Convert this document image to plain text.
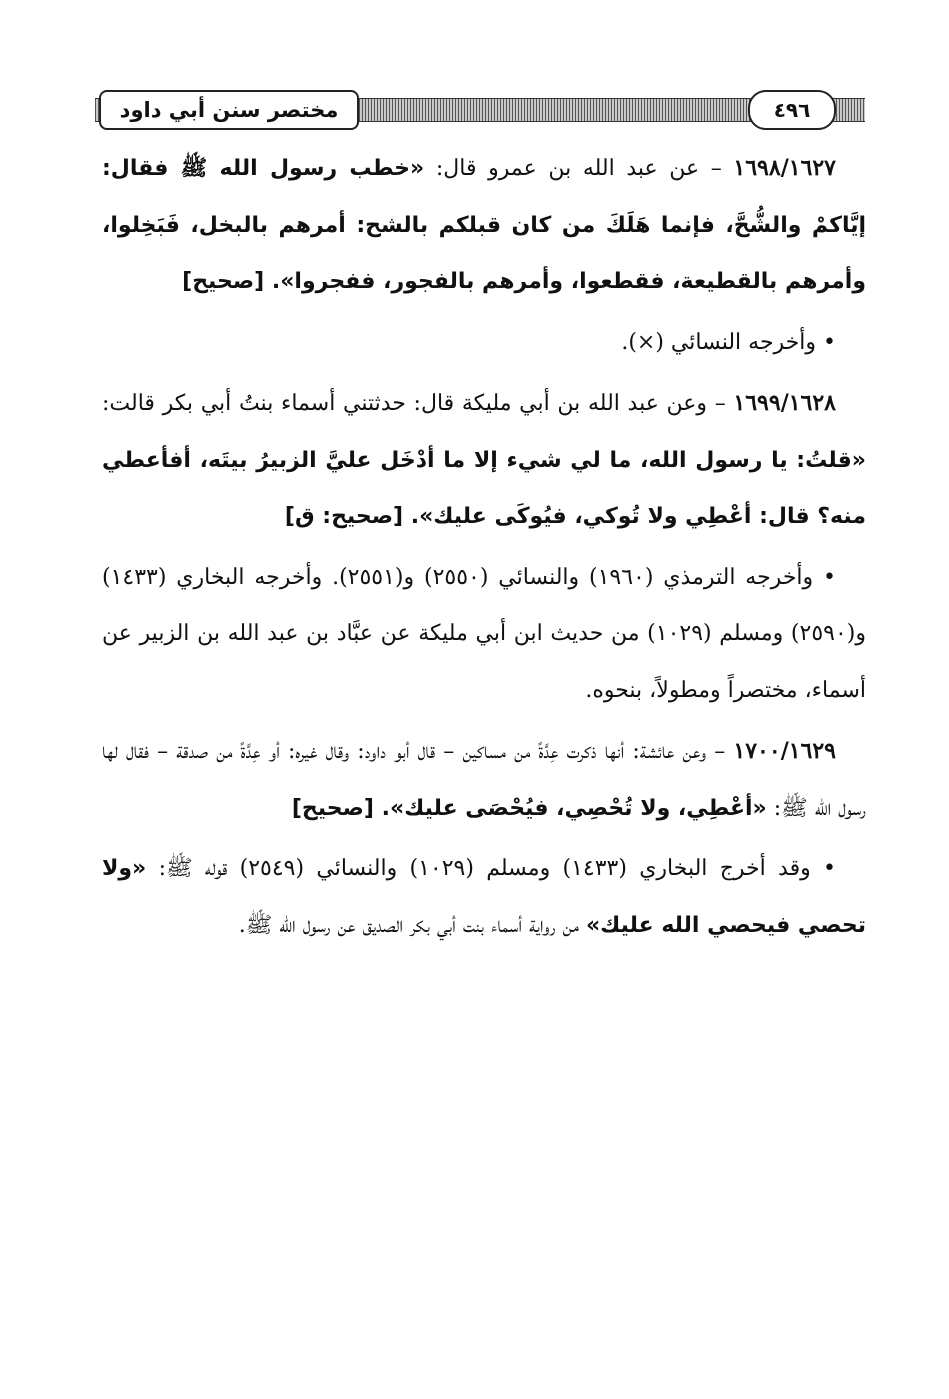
مختصر سنن أبي داود	٤٩٦

١٦٩٨/١٦٢٧ – عن عبد الله بن عمرو قال: «خطب رسول الله ﷺ فقال: إيَّاكمْ والشُّحَّ، فإنما هَلَكَ من كان قبلكم بالشح: أمرهم بالبخل، فَبَخِلوا، وأمرهم بالقطيعة، فقطعوا، وأمرهم بالفجور، ففجروا». [صحيح]

• وأخرجه النسائي (×).

١٦٩٩/١٦٢٨ – وعن عبد الله بن أبي مليكة قال: حدثتني أسماء بنتُ أبي بكر قالت: «قلتُ: يا رسول الله، ما لي شيء إلا ما أدْخَل عليَّ الزبيرُ بيتَه، أفأعطي منه؟ قال: أعْطِي ولا تُوكي، فيُوكَى عليك». [صحيح: ق]

• وأخرجه الترمذي (١٩٦٠) والنسائي (٢٥٥٠) و(٢٥٥١). وأخرجه البخاري (١٤٣٣) و(٢٥٩٠) ومسلم (١٠٢٩) من حديث ابن أبي مليكة عن عبَّاد بن عبد الله بن الزبير عن أسماء، مختصراً ومطولاً، بنحوه.

١٧٠٠/١٦٢٩ – وعن عائشة: أنها ذكرت عِدَّةً من مساكين – قال أبو داود: وقال غيره: أو عِدَّةً من صدقة – فقال لها رسول الله ﷺ: «أعْطِي، ولا تُحْصِي، فيُحْصَى عليك». [صحيح]

• وقد أخرج البخاري (١٤٣٣) ومسلم (١٠٢٩) والنسائي (٢٥٤٩) قوله ﷺ: «ولا تحصي فيحصي الله عليك» من رواية أسماء بنت أبي بكر الصديق عن رسول الله ﷺ.
